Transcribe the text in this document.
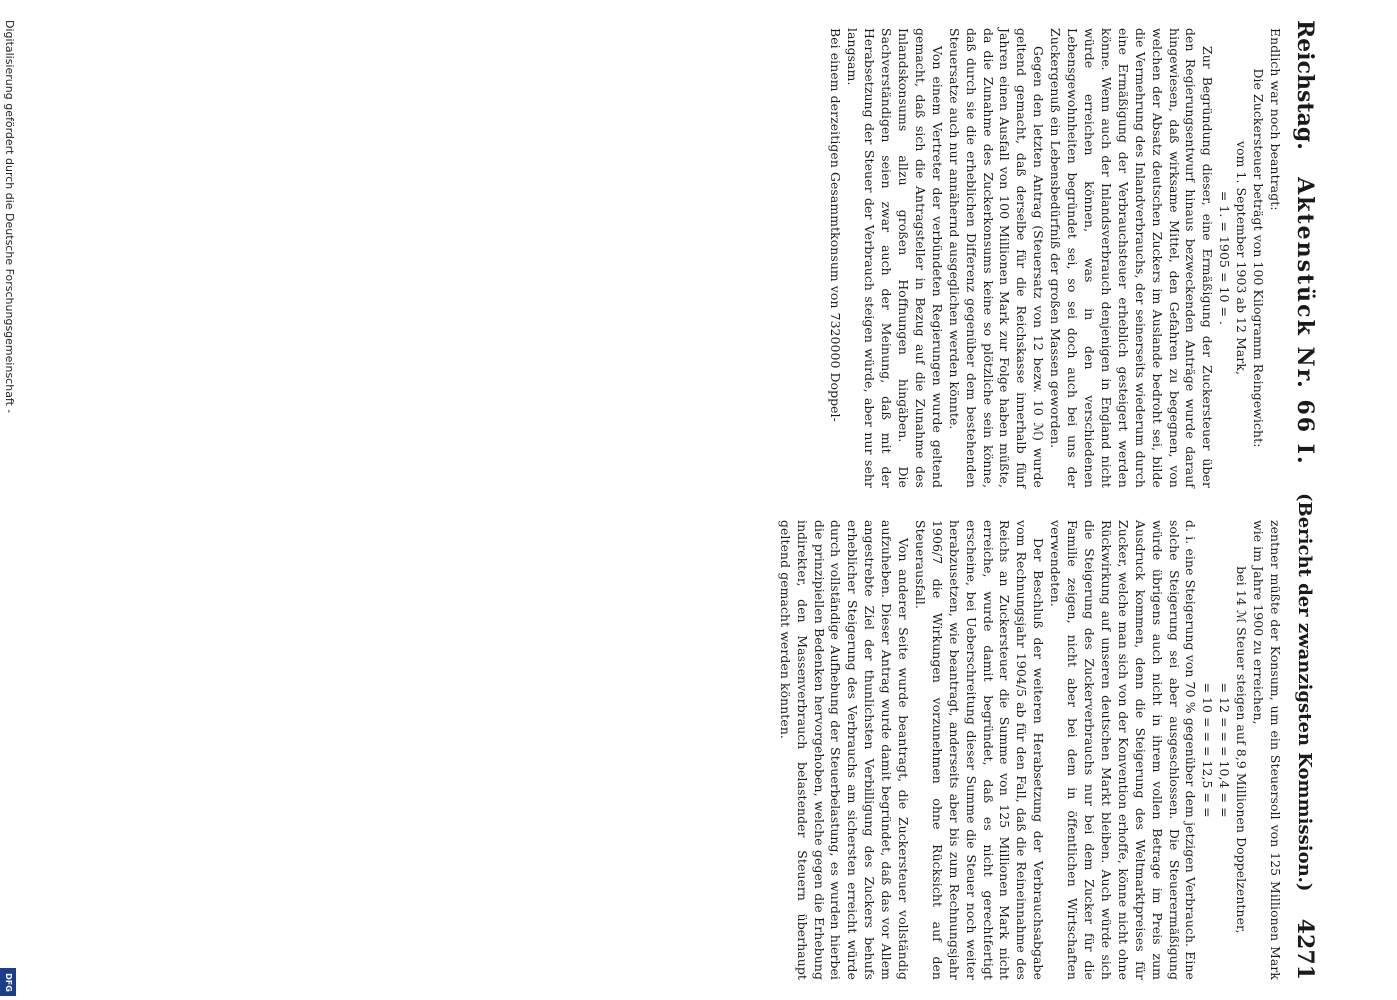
Digitalisierung gefördert durch die Deutsche Forschungsgemeinschaft -
DFG
Reichstag.
Aktenstück Nr. 66 I.
(Bericht der zwanzigsten Kommission.)
4271

Endlich war noch beantragt:

Die Zuckersteuer beträgt von 100 Kilogramm Reingewicht:

vom 1. September 1903 ab 12 Mark,

= 1. = 1905 = 10 = .

Zur Begründung dieser, eine Ermäßigung der Zuckersteuer über den Regierungsentwurf hinaus bezweckenden Anträge wurde darauf hingewiesen, daß wirksame Mittel, den Gefahren zu begegnen, von welchen der Absatz deutschen Zuckers im Auslande bedroht sei, bilde die Vermehrung des Inlandverbrauchs, der seinerseits wiederum durch eine Ermäßigung der Verbrauchsteuer erheblich gesteigert werden könne. Wenn auch der Inlandsverbrauch denjenigen in England nicht würde erreichen können, was in den verschiedenen Lebensgewohnheiten begründet sei, so sei doch auch bei uns der Zuckergenuß ein Lebensbedürfniß der großen Massen geworden.

Gegen den letzten Antrag (Steuersatz von 12 bezw. 10 ℳ) wurde geltend gemacht, daß derselbe für die Reichskasse innerhalb fünf Jahren einen Ausfall von 100 Millionen Mark zur Folge haben müßte, da die Zunahme des Zuckerkonsums keine so plötzliche sein könne, daß durch sie die erheblichen Differenz gegenüber dem bestehenden Steuersatze auch nur annähernd ausgeglichen werden könnte.

Von einem Vertreter der verbündeten Regierungen wurde geltend gemacht, daß sich die Antragsteller in Bezug auf die Zunahme des Inlandskonsums allzu großen Hoffnungen hingäben. Die Sachverständigen seien zwar auch der Meinung, daß mit der Herabsetzung der Steuer der Verbrauch steigen würde, aber nur sehr langsam.

Bei einem derzeitigen Gesammtkonsum von 7320000 Doppel-

zentner müßte der Konsum, um ein Steuersoll von 125 Millionen Mark wie im Jahre 1900 zu erreichen,

bei 14 ℳ Steuer steigen auf 8,9 Millionen Doppelzentner,

= 12 = = = 10,4 = =

= 10 = = = 12,5 = =

d. i. eine Steigerung von 70 % gegenüber dem jetzigen Verbrauch. Eine solche Steigerung sei aber ausgeschlossen. Die Steuerermäßigung würde übrigens auch nicht in ihrem vollen Betrage im Preis zum Ausdruck kommen, denn die Steigerung des Weltmarktpreises für Zucker, welche man sich von der Konvention erhoffe, könne nicht ohne Rückwirkung auf unseren deutschen Markt bleiben. Auch würde sich die Steigerung des Zuckerverbrauchs nur bei dem Zucker für die Familie zeigen, nicht aber bei dem in öffentlichen Wirtschaften verwendeten.

Der Beschluß der weiteren Herabsetzung der Verbrauchsabgabe vom Rechnungsjahr 1904/5 ab für den Fall, daß die Reineinnahme des Reichs an Zuckersteuer die Summe von 125 Millionen Mark nicht erreiche, wurde damit begründet, daß es nicht gerechtfertigt erscheine, bei Ueberschreitung dieser Summe die Steuer noch weiter herabzusetzen, wie beantragt, anderseits aber bis zum Rechnungsjahr 1906/7 die Wirkungen vorzunehmen ohne Rücksicht auf den Steuerausfall.

Von anderer Seite wurde beantragt, die Zuckersteuer vollständig aufzuheben. Dieser Antrag wurde damit begründet, daß das vor Allem angestrebte Ziel der thunlichsten Verbilligung des Zuckers behufs erheblicher Steigerung des Verbrauchs am sichersten erreicht würde durch vollständige Aufhebung der Steuerbelastung, es wurden hierbei die prinzipiellen Bedenken hervorgehoben, welche gegen die Erhebung indirekter, den Massenverbrauch belastender Steuern überhaupt geltend gemacht werden könnten.
